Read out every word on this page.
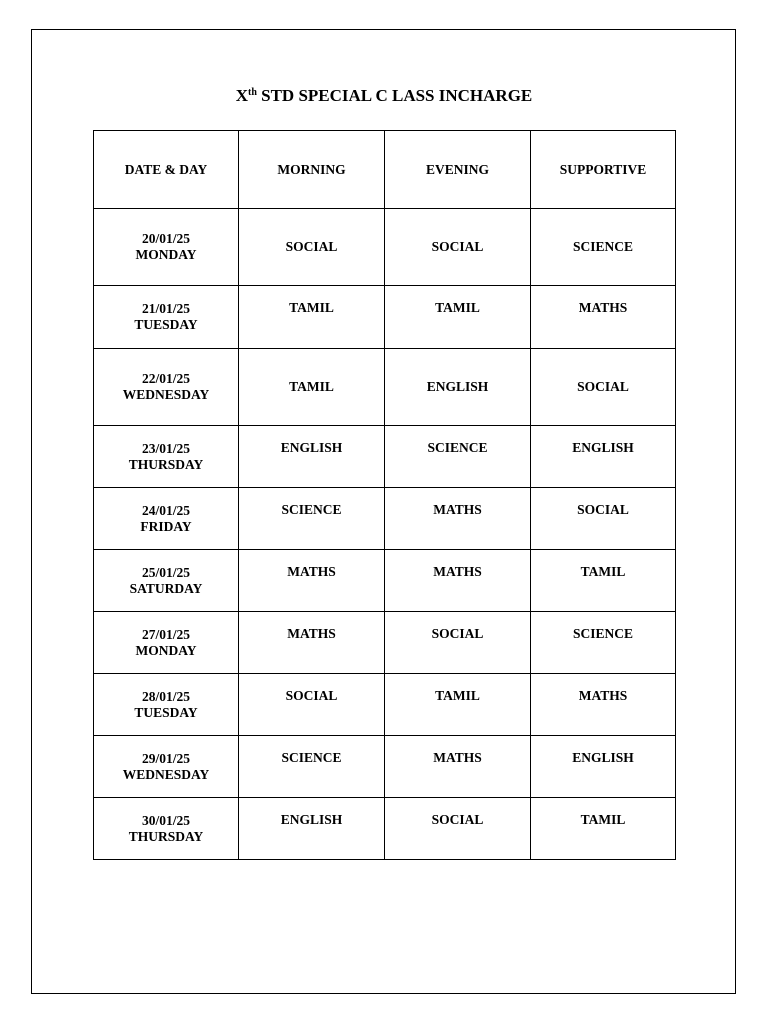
Xth STD SPECIAL C LASS INCHARGE
DATE & DAY	MORNING	EVENING	SUPPORTIVE

20/01/25
MONDAY	SOCIAL	SOCIAL	SCIENCE

21/01/25
TUESDAY	TAMIL	TAMIL	MATHS

22/01/25
WEDNESDAY	TAMIL	ENGLISH	SOCIAL

23/01/25
THURSDAY	ENGLISH	SCIENCE	ENGLISH

24/01/25
FRIDAY	SCIENCE	MATHS	SOCIAL

25/01/25
SATURDAY	MATHS	MATHS	TAMIL

27/01/25
MONDAY	MATHS	SOCIAL	SCIENCE

28/01/25
TUESDAY	SOCIAL	TAMIL	MATHS

29/01/25
WEDNESDAY	SCIENCE	MATHS	ENGLISH

30/01/25
THURSDAY	ENGLISH	SOCIAL	TAMIL
